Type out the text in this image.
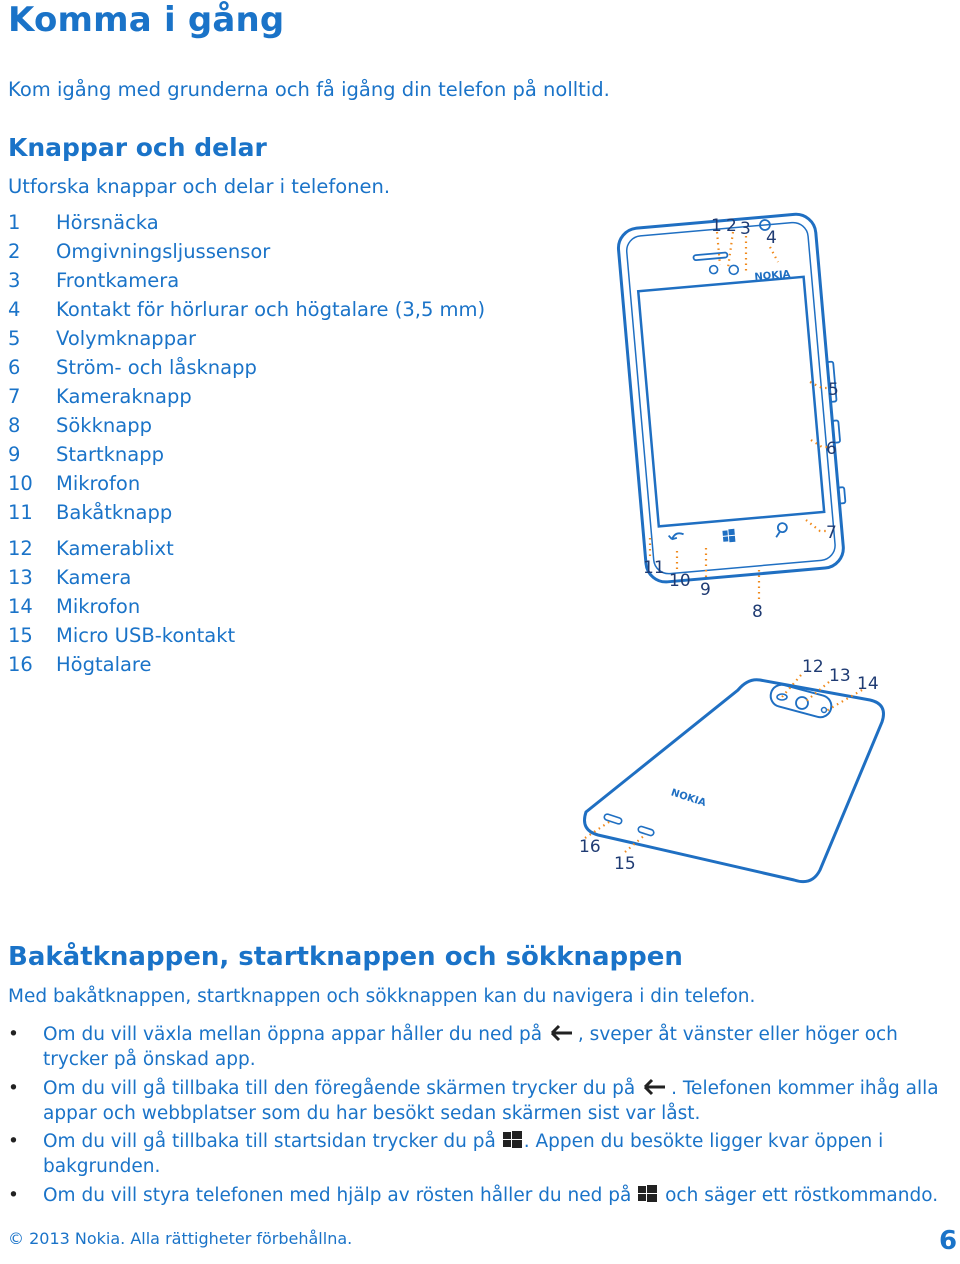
Komma i gång
Kom igång med grunderna och få igång din telefon på nolltid.
Knappar och delar
Utforska knappar och delar i telefonen.
1 Hörsnäcka
2 Omgivningsljussensor
3 Frontkamera
4 Kontakt för hörlurar och högtalare (3,5 mm)
5 Volymknappar
6 Ström- och låsknapp
7 Kameraknapp
8 Sökknapp
9 Startknapp
10 Mikrofon
11 Bakåtknapp
12 Kamerablixt
13 Kamera
14 Mikrofon
15 Micro USB-kontakt
16 Högtalare
NOKIA
NOKIA
1 2 3 4
5
6
7
8
9
10
11
12 13 14
15
16
Bakåtknappen, startknappen och sökknappen
Med bakåtknappen, startknappen och sökknappen kan du navigera i din telefon.
•	Om du vill växla mellan öppna appar håller du ned på , sveper åt vänster eller höger och trycker på önskad app.
•	Om du vill gå tillbaka till den föregående skärmen trycker du på . Telefonen kommer ihåg alla appar och webbplatser som du har besökt sedan skärmen sist var låst.
•	Om du vill gå tillbaka till startsidan trycker du på . Appen du besökte ligger kvar öppen i bakgrunden.
•	Om du vill styra telefonen med hjälp av rösten håller du ned på  och säger ett röstkommando.
© 2013 Nokia. Alla rättigheter förbehållna.	6
